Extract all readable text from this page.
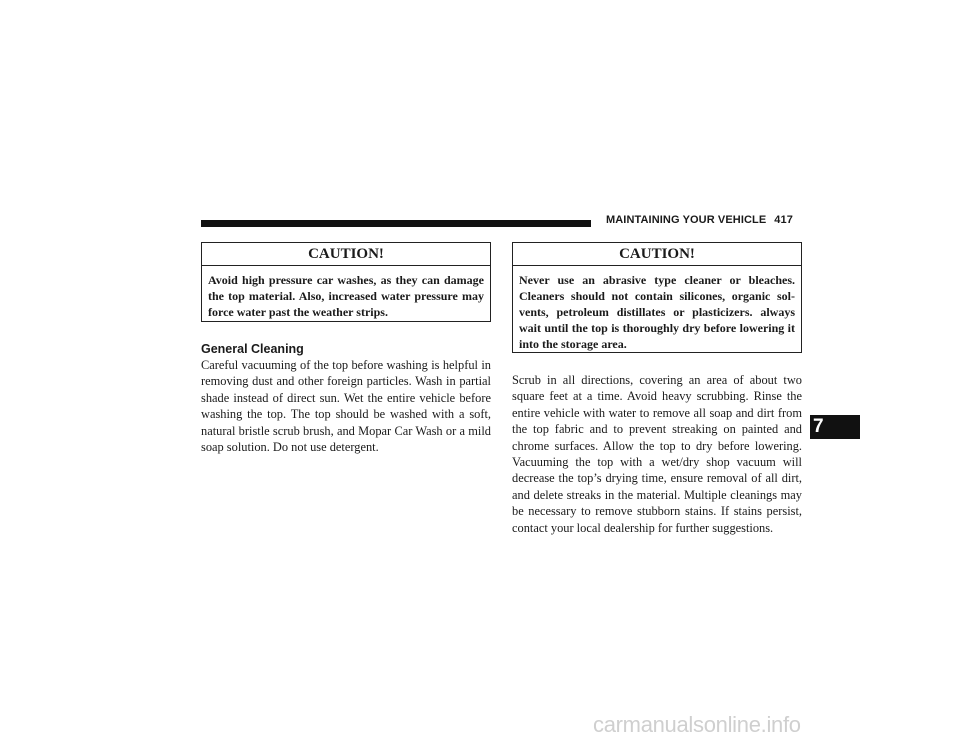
MAINTAINING YOUR VEHICLE 417
CAUTION!
Avoid high pressure car washes, as they can damage the top material. Also, increased water pressure may force water past the weather strips.
General Cleaning

Careful vacuuming of the top before washing is helpful in removing dust and other foreign particles. Wash in partial shade instead of direct sun. Wet the entire vehicle before washing the top. The top should be washed with a soft, natural bristle scrub brush, and Mopar Car Wash or a mild soap solution. Do not use detergent.

CAUTION!
Never use an abrasive type cleaner or bleaches. Cleaners should not contain silicones, organic sol-vents, petroleum distillates or plasticizers. always wait until the top is thoroughly dry before lowering it into the storage area.

Scrub in all directions, covering an area of about two square feet at a time. Avoid heavy scrubbing. Rinse the entire vehicle with water to remove all soap and dirt from the top fabric and to prevent streaking on painted and chrome surfaces. Allow the top to dry before lowering. Vacuuming the top with a wet/dry shop vacuum will decrease the top’s drying time, ensure removal of all dirt, and delete streaks in the material. Multiple cleanings may be necessary to remove stubborn stains. If stains persist, contact your local dealership for further suggestions.

7
carmanualsonline.info
